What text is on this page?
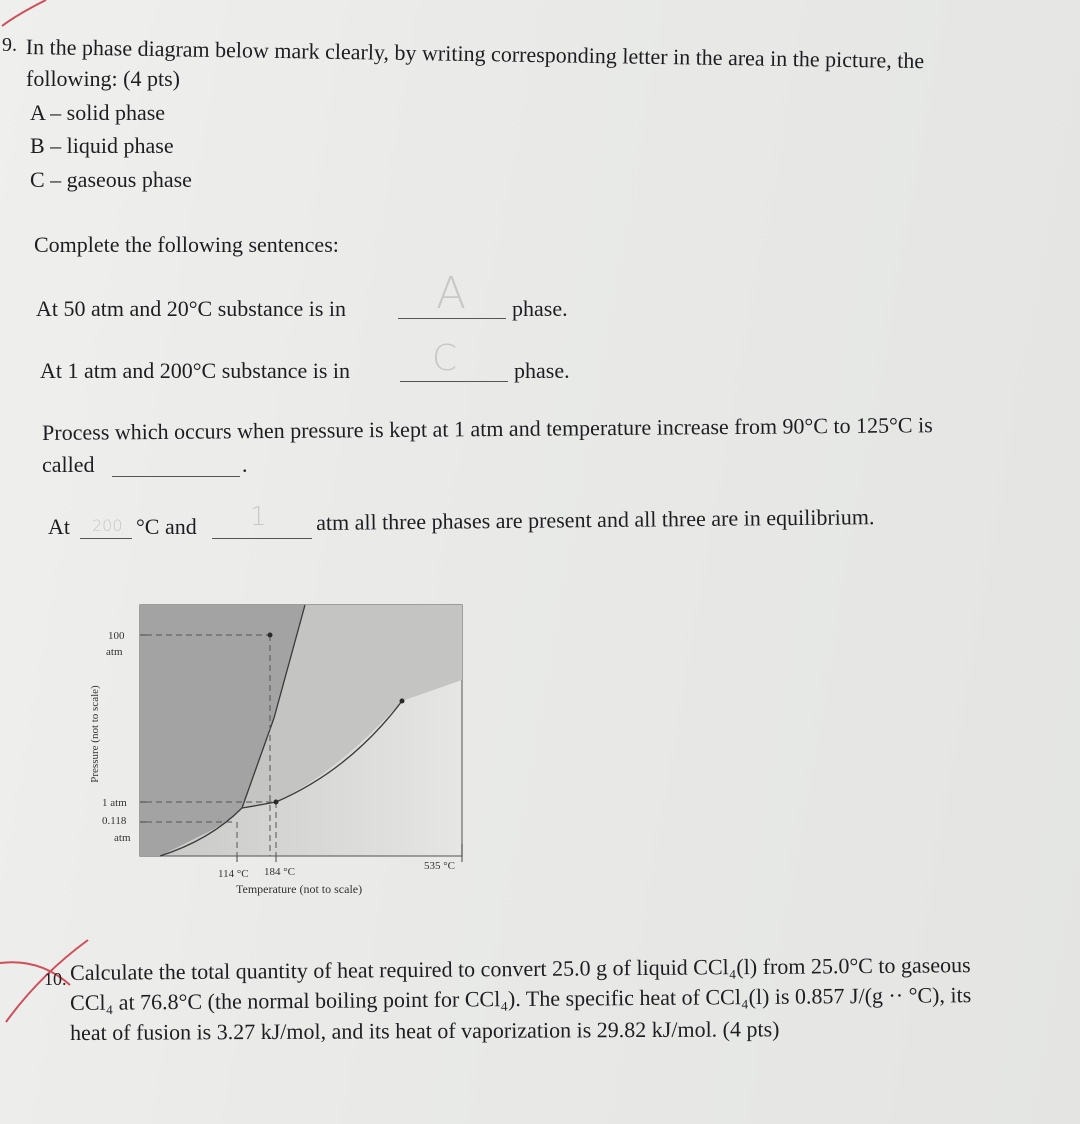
9. In the phase diagram below mark clearly, by writing corresponding letter in the area in the picture, the
following: (4 pts)
A – solid phase
B – liquid phase
C – gaseous phase
Complete the following sentences:
At 50 atm and 20°C substance is in A phase.
At 1 atm and 200°C substance is in C	phase.
Process which occurs when pressure is kept at 1 atm and temperature increase from 90°C to 125°C is
called	.
At 200 °C and 1 atm all three phases are present and all three are in equilibrium.
100
atm
1 atm
0.118
atm
Pressure (not to scale)
114 °C 184 °C	535 °C
Temperature (not to scale)
10. Calculate the total quantity of heat required to convert 25.0 g of liquid CCl₄(l) from 25.0°C to gaseous
CCl₄ at 76.8°C (the normal boiling point for CCl₄). The specific heat of CCl₄(l) is 0.857 J/(g ·· °C), its
heat of fusion is 3.27 kJ/mol, and its heat of vaporization is 29.82 kJ/mol. (4 pts)
